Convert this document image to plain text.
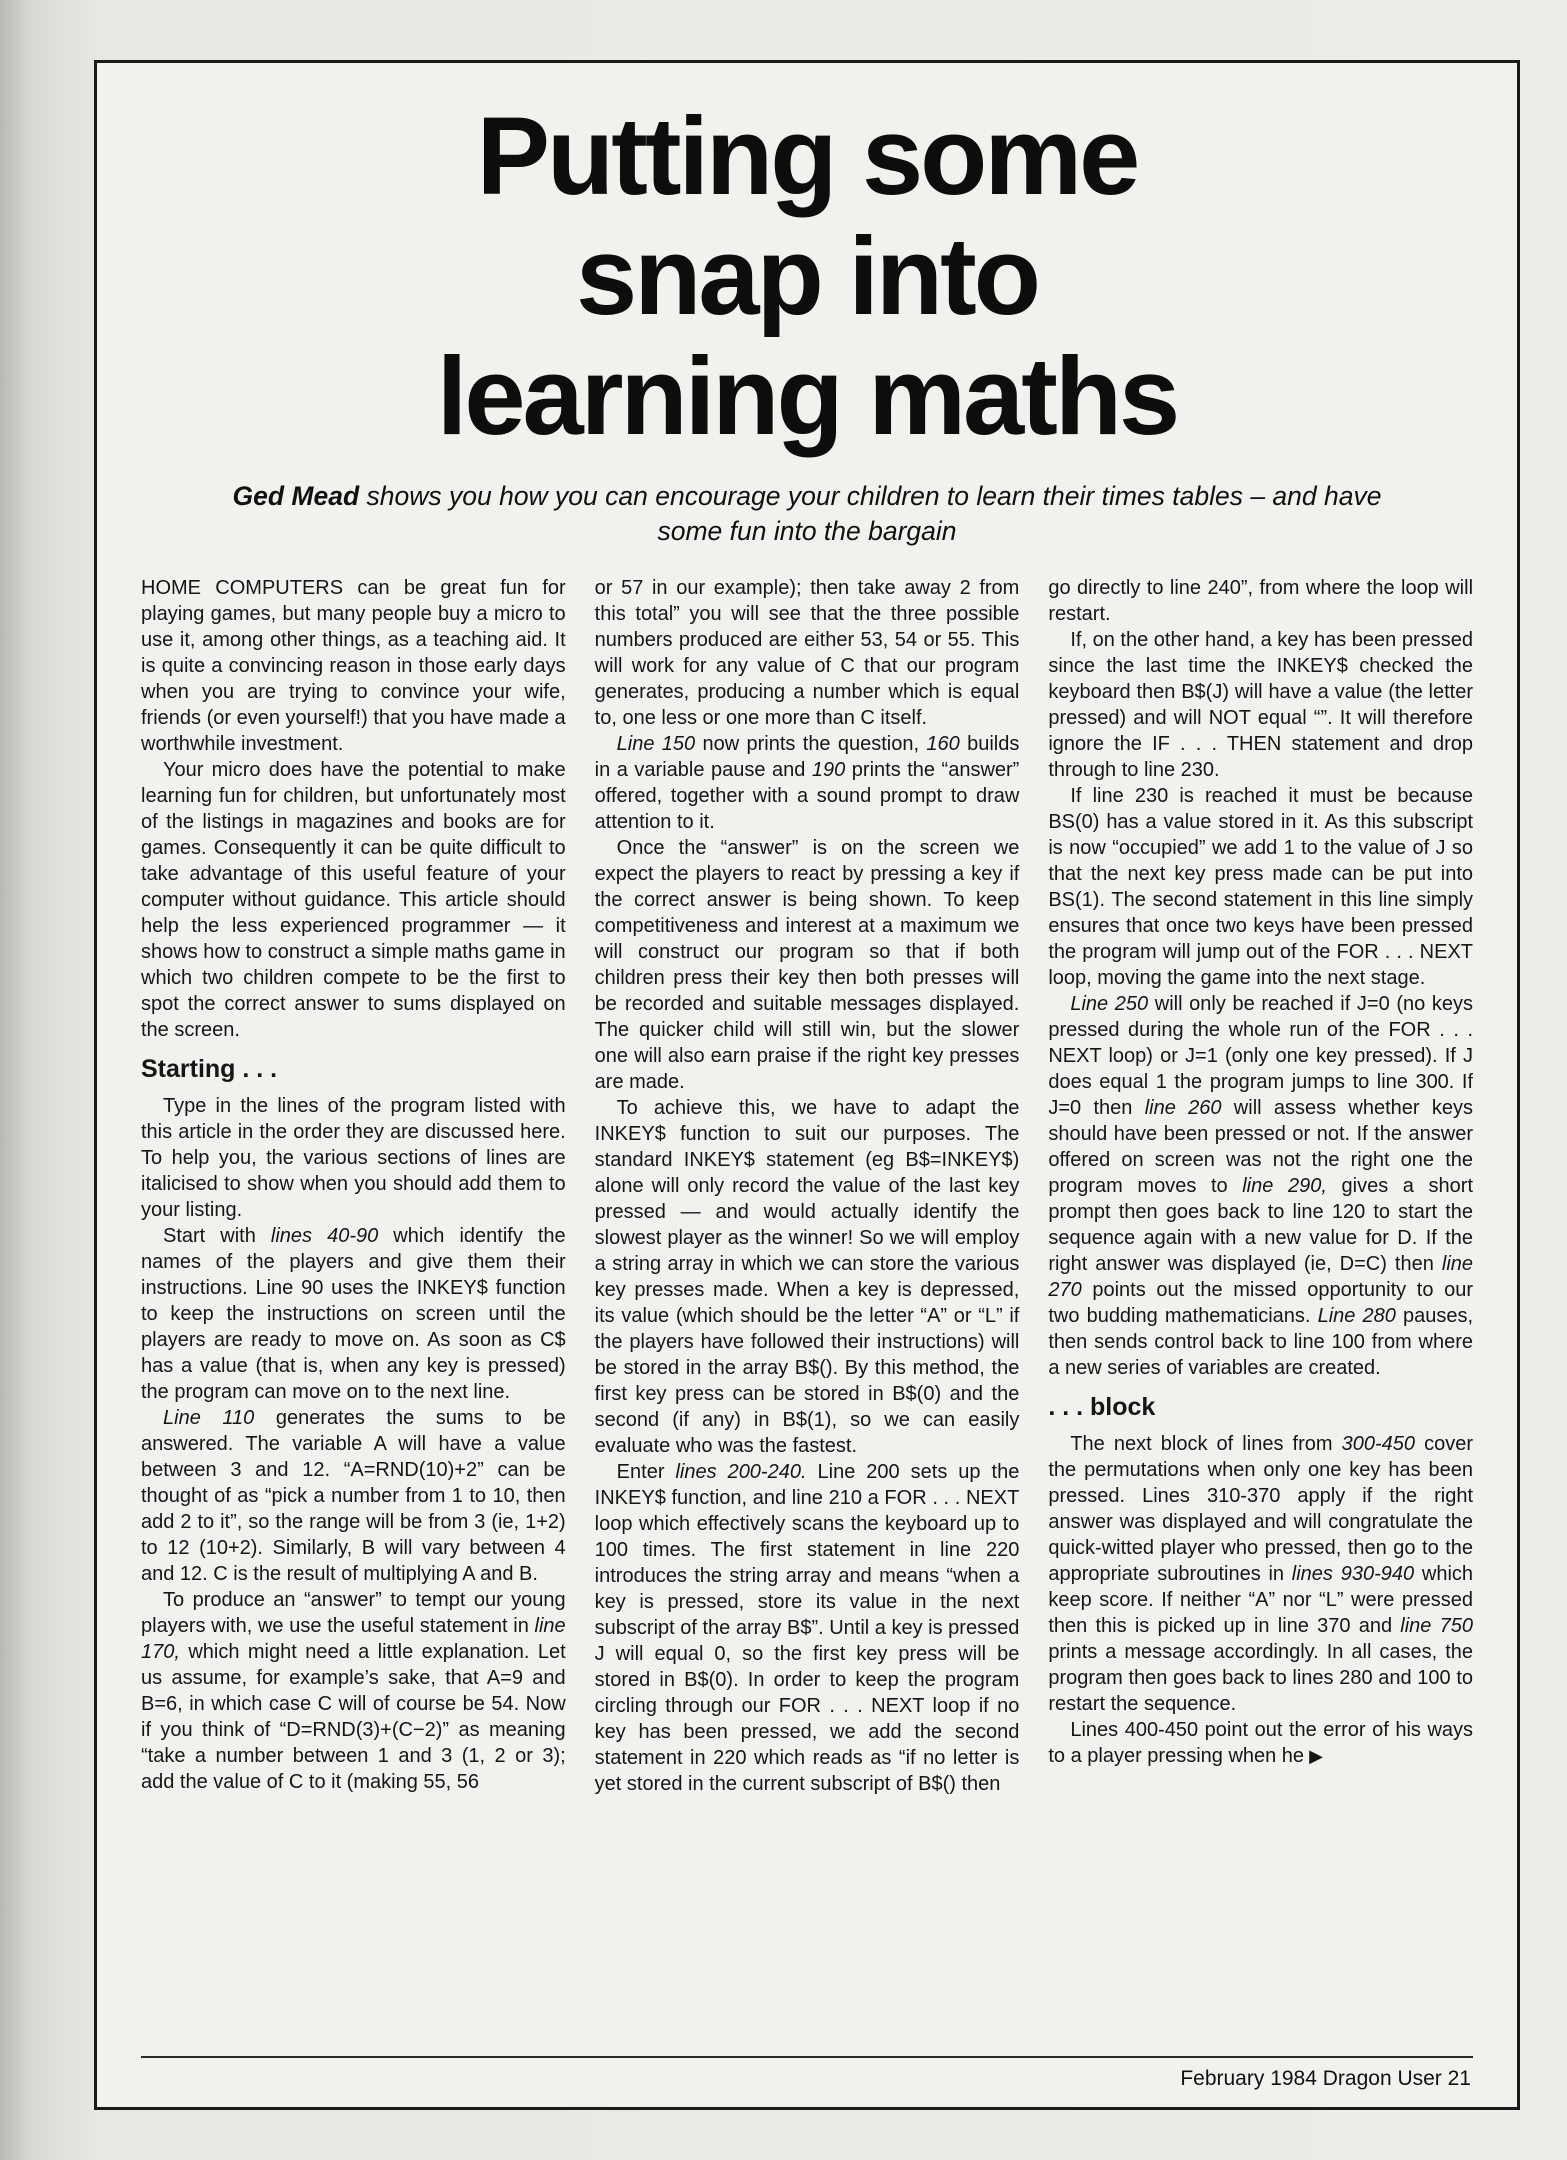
Putting some
snap into
learning maths

Ged Mead shows you how you can encourage your children to learn their times tables – and have some fun into the bargain

HOME COMPUTERS can be great fun for playing games, but many people buy a micro to use it, among other things, as a teaching aid. It is quite a convincing reason in those early days when you are trying to convince your wife, friends (or even yourself!) that you have made a worthwhile investment.

Your micro does have the potential to make learning fun for children, but unfortunately most of the listings in magazines and books are for games. Consequently it can be quite difficult to take advantage of this useful feature of your computer without guidance. This article should help the less experienced programmer — it shows how to construct a simple maths game in which two children compete to be the first to spot the correct answer to sums displayed on the screen.

Starting . . .

Type in the lines of the program listed with this article in the order they are discussed here. To help you, the various sections of lines are italicised to show when you should add them to your listing.

Start with lines 40-90 which identify the names of the players and give them their instructions. Line 90 uses the INKEY$ function to keep the instructions on screen until the players are ready to move on. As soon as C$ has a value (that is, when any key is pressed) the program can move on to the next line.

Line 110 generates the sums to be answered. The variable A will have a value between 3 and 12. “A=RND(10)+2” can be thought of as “pick a number from 1 to 10, then add 2 to it”, so the range will be from 3 (ie, 1+2) to 12 (10+2). Similarly, B will vary between 4 and 12. C is the result of multiplying A and B.

To produce an “answer” to tempt our young players with, we use the useful statement in line 170, which might need a little explanation. Let us assume, for example’s sake, that A=9 and B=6, in which case C will of course be 54. Now if you think of “D=RND(3)+(C−2)” as meaning “take a number between 1 and 3 (1, 2 or 3); add the value of C to it (making 55, 56

or 57 in our example); then take away 2 from this total” you will see that the three possible numbers produced are either 53, 54 or 55. This will work for any value of C that our program generates, producing a number which is equal to, one less or one more than C itself.

Line 150 now prints the question, 160 builds in a variable pause and 190 prints the “answer” offered, together with a sound prompt to draw attention to it.

Once the “answer” is on the screen we expect the players to react by pressing a key if the correct answer is being shown. To keep competitiveness and interest at a maximum we will construct our program so that if both children press their key then both presses will be recorded and suitable messages displayed. The quicker child will still win, but the slower one will also earn praise if the right key presses are made.

To achieve this, we have to adapt the INKEY$ function to suit our purposes. The standard INKEY$ statement (eg B$=INKEY$) alone will only record the value of the last key pressed — and would actually identify the slowest player as the winner! So we will employ a string array in which we can store the various key presses made. When a key is depressed, its value (which should be the letter “A” or “L” if the players have followed their instructions) will be stored in the array B$(). By this method, the first key press can be stored in B$(0) and the second (if any) in B$(1), so we can easily evaluate who was the fastest.

Enter lines 200-240. Line 200 sets up the INKEY$ function, and line 210 a FOR . . . NEXT loop which effectively scans the keyboard up to 100 times. The first statement in line 220 introduces the string array and means “when a key is pressed, store its value in the next subscript of the array B$”. Until a key is pressed J will equal 0, so the first key press will be stored in B$(0). In order to keep the program circling through our FOR . . . NEXT loop if no key has been pressed, we add the second statement in 220 which reads as “if no letter is yet stored in the current subscript of B$() then

go directly to line 240”, from where the loop will restart.

If, on the other hand, a key has been pressed since the last time the INKEY$ checked the keyboard then B$(J) will have a value (the letter pressed) and will NOT equal “”. It will therefore ignore the IF . . . THEN statement and drop through to line 230.

If line 230 is reached it must be because BS(0) has a value stored in it. As this subscript is now “occupied” we add 1 to the value of J so that the next key press made can be put into BS(1). The second statement in this line simply ensures that once two keys have been pressed the program will jump out of the FOR . . . NEXT loop, moving the game into the next stage.

Line 250 will only be reached if J=0 (no keys pressed during the whole run of the FOR . . . NEXT loop) or J=1 (only one key pressed). If J does equal 1 the program jumps to line 300. If J=0 then line 260 will assess whether keys should have been pressed or not. If the answer offered on screen was not the right one the program moves to line 290, gives a short prompt then goes back to line 120 to start the sequence again with a new value for D. If the right answer was displayed (ie, D=C) then line 270 points out the missed opportunity to our two budding mathematicians. Line 280 pauses, then sends control back to line 100 from where a new series of variables are created.

. . . block

The next block of lines from 300-450 cover the permutations when only one key has been pressed. Lines 310-370 apply if the right answer was displayed and will congratulate the quick-witted player who pressed, then go to the appropriate subroutines in lines 930-940 which keep score. If neither “A” nor “L” were pressed then this is picked up in line 370 and line 750 prints a message accordingly. In all cases, the program then goes back to lines 280 and 100 to restart the sequence.

Lines 400-450 point out the error of his ways to a player pressing when he ▶

February 1984 Dragon User 21
